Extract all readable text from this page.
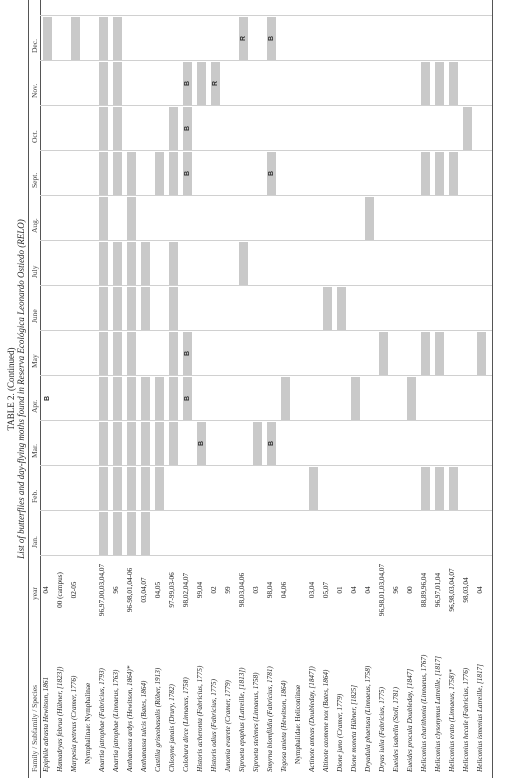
TABLE 2. (Continued) List of butterflies and day-flying moths found in Reserva Ecológica Leonardo Ostiedo (RELO)
Family / Subfamily / Species
year
Jan.
Feb.
Mar.
Apr.
May
June
July
Aug.
Sept.
Oct.
Nov.
Dec.
Epiphile adrasta Hewitson, 1861
04
Hamadryas februa (Hübner, [1823])
00 (campus)
Marpesia petreus (Cramer, 1776)
02-05
Nymphalinae: Nymphalinae Anartia jatrophae (Fabricius, 1793)
96,97,00,03,04,07
Anartia jatrophae (Linnaeus, 1763)
96
Anthanassa ardys (Hewitson, 1864)*
96-98,01,04-06
Anthanassa tulcis (Bates, 1864)
03,04,07
Castilia griseobasalis (Röber, 1913)
04,05
Chlosyne janais (Drury, 1782)
97-99,03-06
Colobura dirce (Linnaeus, 1758)
98,02,04,07
Historis acheronta (Fabricius, 1775)
99,04
Historis odius (Fabricius, 1775)
02
Junonia evarete (Cramer, 1779)
99
Siproeta epaphus (Latreille, [1813])
98,03,04,06
Siproeta stelenes (Linnaeus, 1758)
03
Smyrna blomfildia (Fabricius, 1781)
98,04
Tegosa anieta (Hewitson, 1864)
04,06
Nymphalidae: Heliconiinae Actinote anteas (Doubleday, [1847])
03,04
Altinote ozomene nox (Bates, 1864)
05,07
Dione juno (Cramer, 1779)
01
Dione moneta Hübner, [1825]
04
Dryadula phaetusa (Linnaeus, 1758)
04
Dryas iulia (Fabricius, 1775)
96,98,01,03,04,07
Eueides isabella (Stoll, 1781)
96
Eueides procula Doubleday, [1847]
00
Heliconius charithonia (Linnaeus, 1767)
88,89,96,04
Heliconius clysonymus Latreille, [1817]
96,97,01,04
Heliconius erato (Linnaeus, 1758)*
96,98,03,04,07
Heliconius hecale (Fabricius, 1776)
98,03,04
Heliconius ismenius Latreille, [1817]
04
B	B
B
B
B
B
B
R
R
B
B
B
